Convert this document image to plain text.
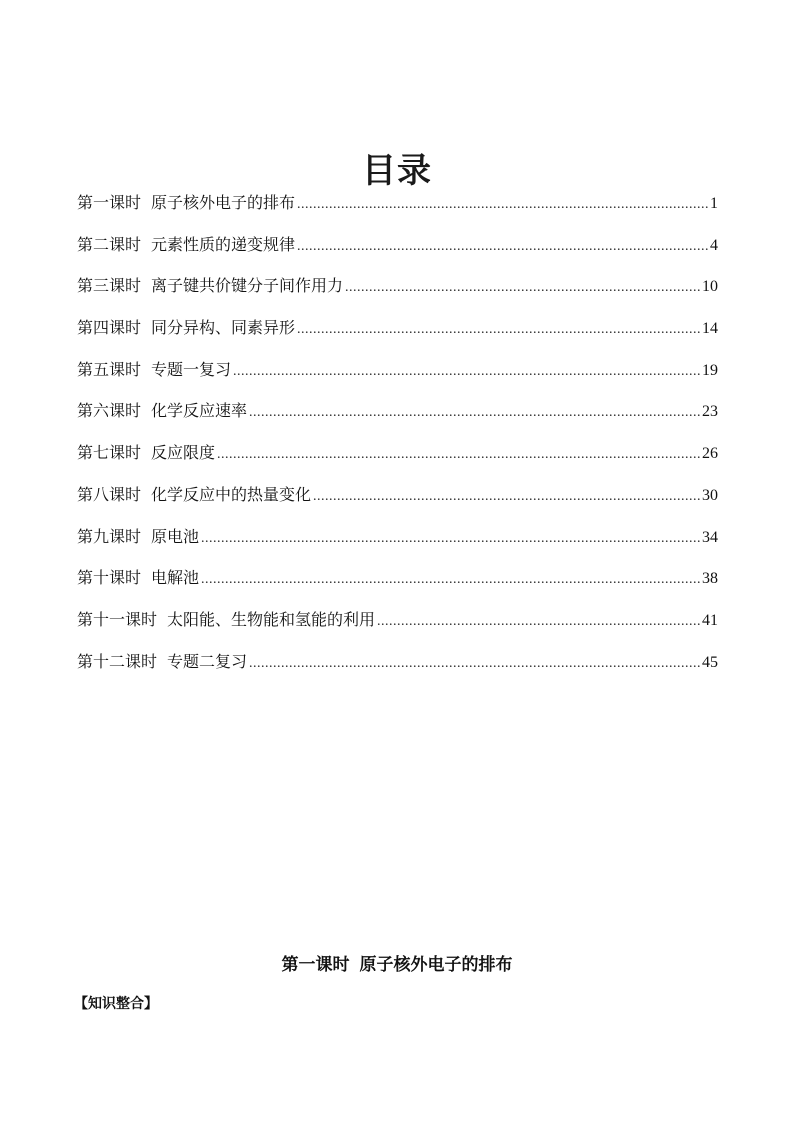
目录
第一课时 原子核外电子的排布 .....	1
第二课时 元素性质的递变规律 .....	4
第三课时 离子键共价键分子间作用力 .....	10
第四课时 同分异构、同素异形 .....	14
第五课时 专题一复习 .....	19
第六课时 化学反应速率 .....	23
第七课时 反应限度 .....	26
第八课时 化学反应中的热量变化 .....	30
第九课时 原电池 .....	34
第十课时 电解池 .....	38
第十一课时 太阳能、生物能和氢能的利用 .....	41
第十二课时 专题二复习 .....	45
第一课时 原子核外电子的排布
【知识整合】
